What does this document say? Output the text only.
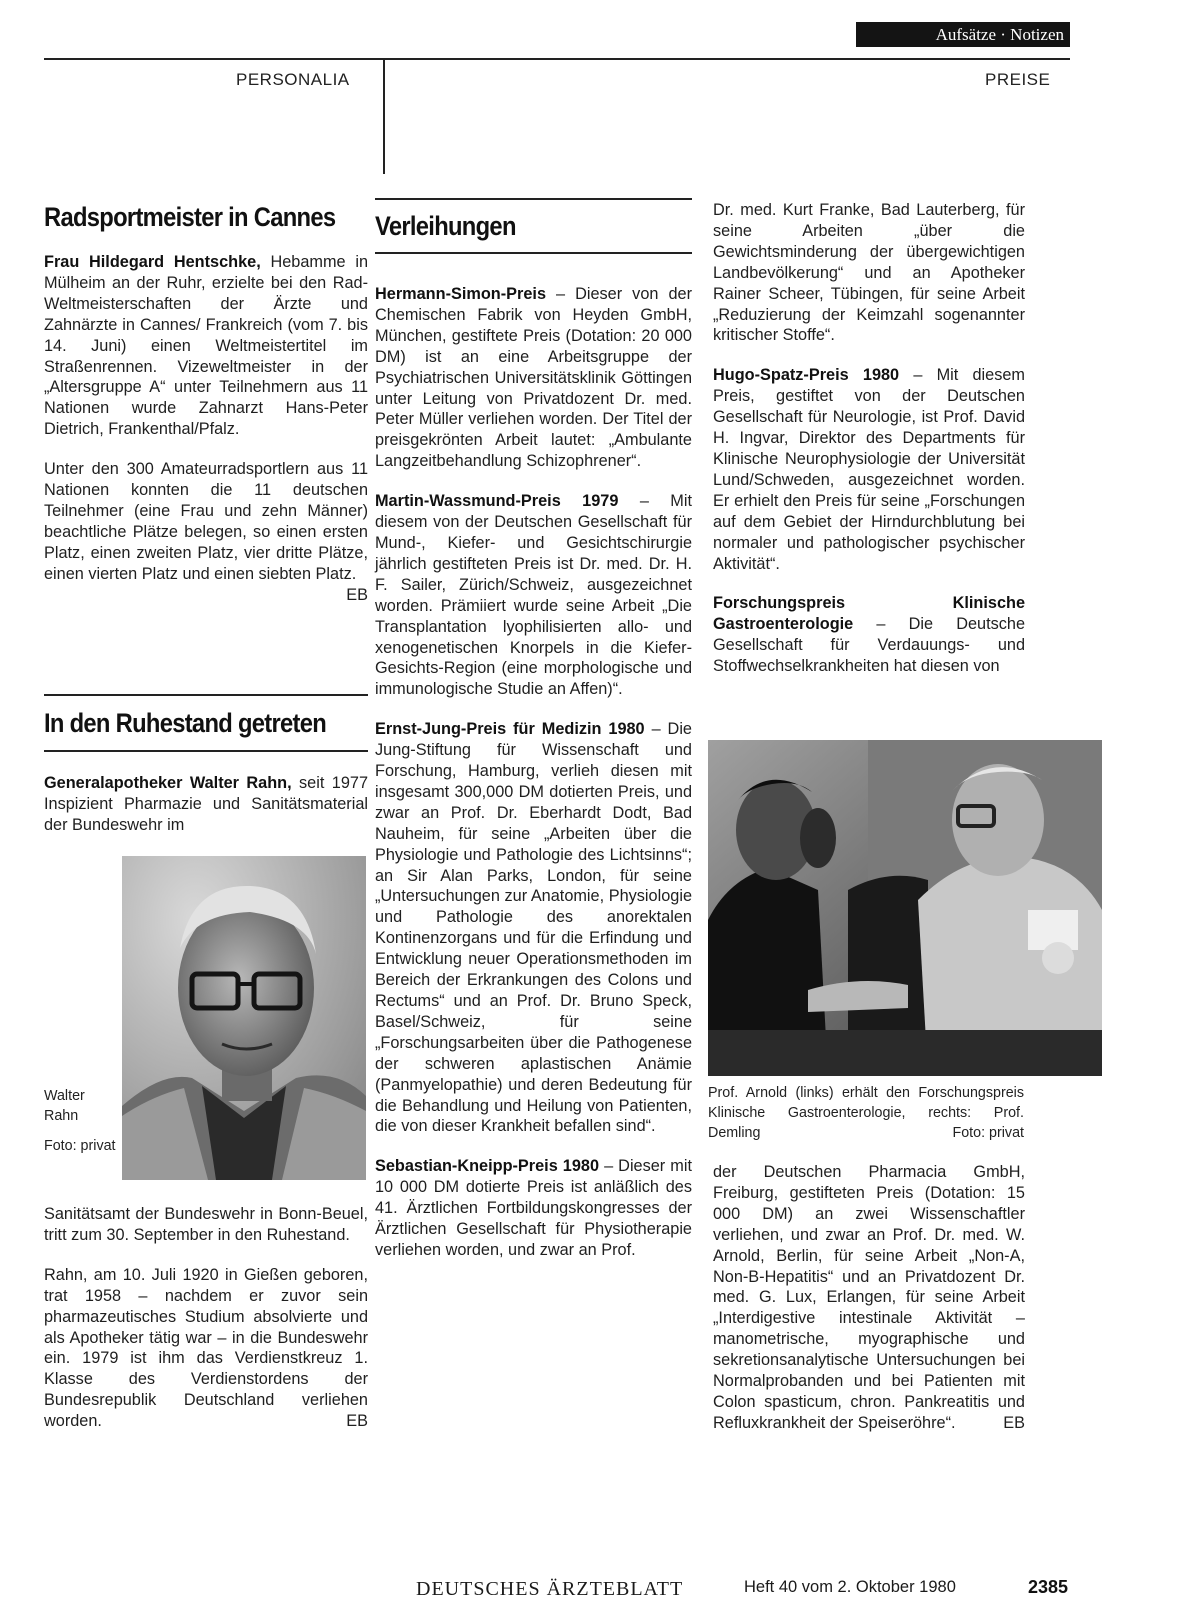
Aufsätze · Notizen
PERSONALIA	PREISE
Radsportmeister in Cannes

Frau Hildegard Hentschke, Hebamme in Mülheim an der Ruhr, erzielte bei den Rad-Weltmeisterschaften der Ärzte und Zahnärzte in Cannes/ Frankreich (vom 7. bis 14. Juni) einen Weltmeistertitel im Straßenrennen. Vizeweltmeister in der „Altersgruppe A“ unter Teilnehmern aus 11 Nationen wurde Zahnarzt Hans-Peter Dietrich, Frankenthal/Pfalz.

Unter den 300 Amateurradsportlern aus 11 Nationen konnten die 11 deutschen Teilnehmer (eine Frau und zehn Männer) beachtliche Plätze belegen, so einen ersten Platz, einen zweiten Platz, vier dritte Plätze, einen vierten Platz und einen siebten Platz.
EB

In den Ruhestand getreten

Generalapotheker Walter Rahn, seit 1977 Inspizient Pharmazie und Sanitätsmaterial der Bundeswehr im

Walter Rahn
Foto: privat

Sanitätsamt der Bundeswehr in Bonn-Beuel, tritt zum 30. September in den Ruhestand.

Rahn, am 10. Juli 1920 in Gießen geboren, trat 1958 – nachdem er zuvor sein pharmazeutisches Studium absolvierte und als Apotheker tätig war – in die Bundeswehr ein. 1979 ist ihm das Verdienstkreuz 1. Klasse des Verdienstordens der Bundesrepublik Deutschland verliehen worden.	EB

Verleihungen

Hermann-Simon-Preis – Dieser von der Chemischen Fabrik von Heyden GmbH, München, gestiftete Preis (Dotation: 20 000 DM) ist an eine Arbeitsgruppe der Psychiatrischen Universitätsklinik Göttingen unter Leitung von Privatdozent Dr. med. Peter Müller verliehen worden. Der Titel der preisgekrönten Arbeit lautet: „Ambulante Langzeitbehandlung Schizophrener“.

Martin-Wassmund-Preis 1979 – Mit diesem von der Deutschen Gesellschaft für Mund-, Kiefer- und Gesichtschirurgie jährlich gestifteten Preis ist Dr. med. Dr. H. F. Sailer, Zürich/Schweiz, ausgezeichnet worden. Prämiiert wurde seine Arbeit „Die Transplantation lyophilisierten allo- und xenogenetischen Knorpels in die Kiefer-Gesichts-Region (eine morphologische und immunologische Studie an Affen)“.

Ernst-Jung-Preis für Medizin 1980 – Die Jung-Stiftung für Wissenschaft und Forschung, Hamburg, verlieh diesen mit insgesamt 300,000 DM dotierten Preis, und zwar an Prof. Dr. Eberhardt Dodt, Bad Nauheim, für seine „Arbeiten über die Physiologie und Pathologie des Lichtsinns“; an Sir Alan Parks, London, für seine „Untersuchungen zur Anatomie, Physiologie und Pathologie des anorektalen Kontinenzorgans und für die Erfindung und Entwicklung neuer Operationsmethoden im Bereich der Erkrankungen des Colons und Rectums“ und an Prof. Dr. Bruno Speck, Basel/Schweiz, für seine „Forschungsarbeiten über die Pathogenese der schweren aplastischen Anämie (Panmyelopathie) und deren Bedeutung für die Behandlung und Heilung von Patienten, die von dieser Krankheit befallen sind“.

Sebastian-Kneipp-Preis 1980 – Dieser mit 10 000 DM dotierte Preis ist anläßlich des 41. Ärztlichen Fortbildungskongresses der Ärztlichen Gesellschaft für Physiotherapie verliehen worden, und zwar an Prof.

Dr. med. Kurt Franke, Bad Lauterberg, für seine Arbeiten „über die Gewichtsminderung der übergewichtigen Landbevölkerung“ und an Apotheker Rainer Scheer, Tübingen, für seine Arbeit „Reduzierung der Keimzahl sogenannter kritischer Stoffe“.

Hugo-Spatz-Preis 1980 – Mit diesem Preis, gestiftet von der Deutschen Gesellschaft für Neurologie, ist Prof. David H. Ingvar, Direktor des Departments für Klinische Neurophysiologie der Universität Lund/Schweden, ausgezeichnet worden. Er erhielt den Preis für seine „Forschungen auf dem Gebiet der Hirndurchblutung bei normaler und pathologischer psychischer Aktivität“.

Forschungspreis Klinische Gastroenterologie – Die Deutsche Gesellschaft für Verdauungs- und Stoffwechselkrankheiten hat diesen von

Prof. Arnold (links) erhält den Forschungspreis Klinische Gastroenterologie, rechts: Prof. Demling	Foto: privat

der Deutschen Pharmacia GmbH, Freiburg, gestifteten Preis (Dotation: 15 000 DM) an zwei Wissenschaftler verliehen, und zwar an Prof. Dr. med. W. Arnold, Berlin, für seine Arbeit „Non-A, Non-B-Hepatitis“ und an Privatdozent Dr. med. G. Lux, Erlangen, für seine Arbeit „Interdigestive intestinale Aktivität – manometrische, myographische und sekretionsanalytische Untersuchungen bei Normalprobanden und bei Patienten mit Colon spasticum, chron. Pankreatitis und Refluxkrankheit der Speiseröhre“.	EB

DEUTSCHES ÄRZTEBLATT	Heft 40 vom 2. Oktober 1980	2385
